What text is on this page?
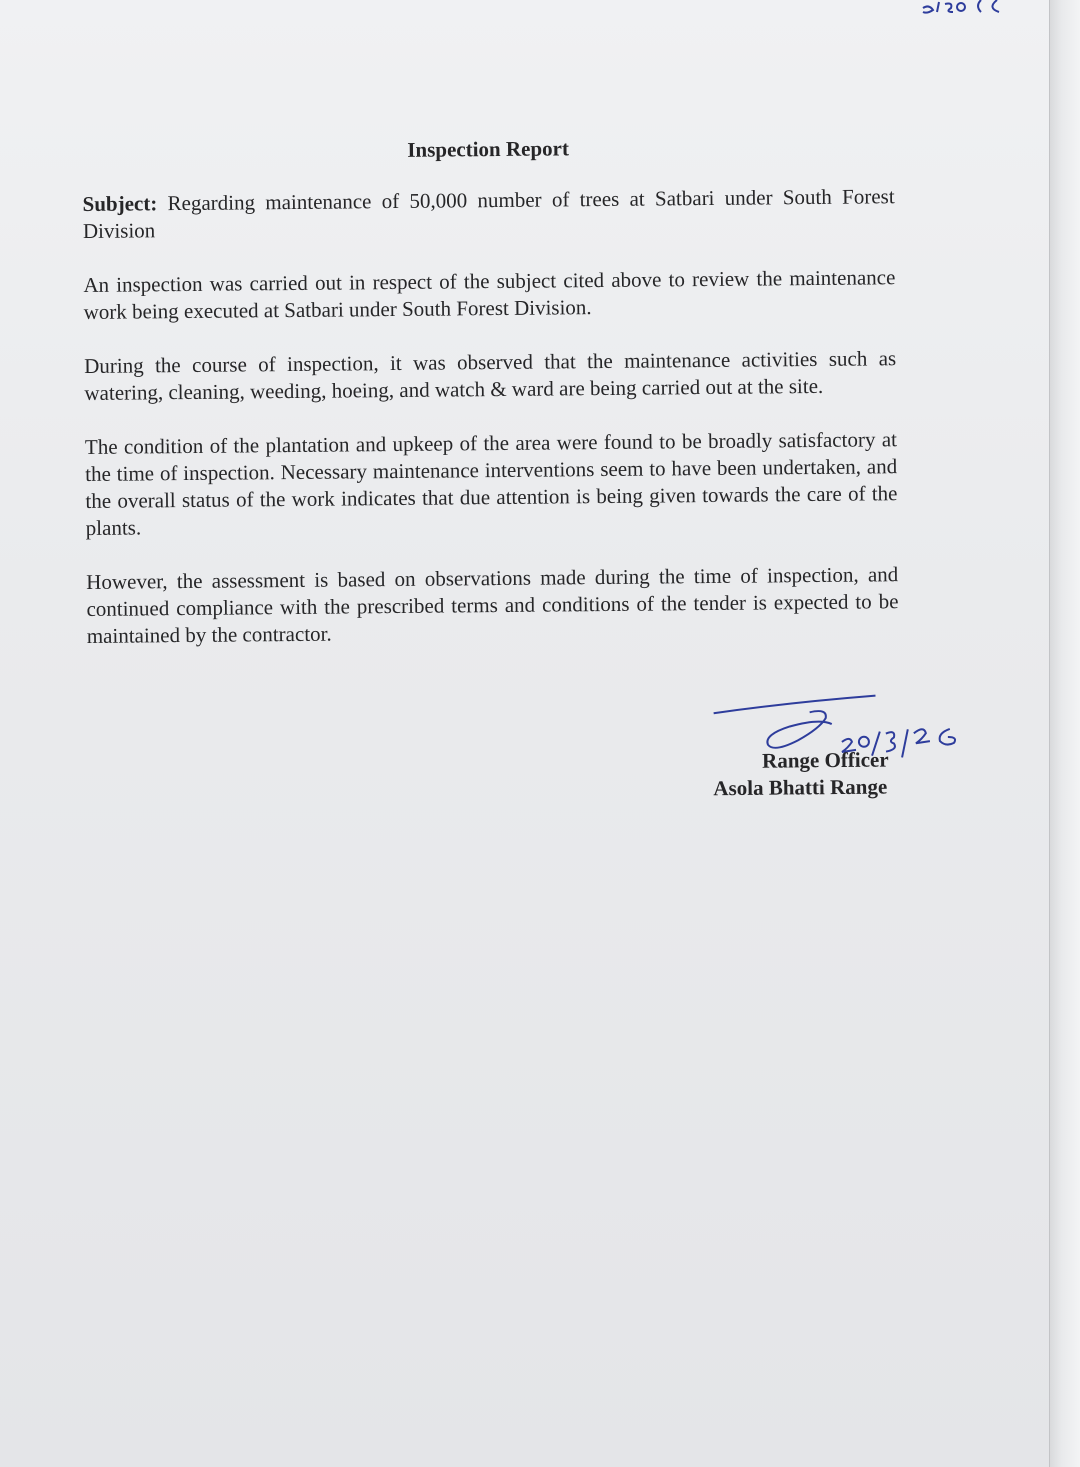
Inspection Report
Subject: Regarding maintenance of 50,000 number of trees at Satbari under South Forest Division
An inspection was carried out in respect of the subject cited above to review the maintenance work being executed at Satbari under South Forest Division.
During the course of inspection, it was observed that the maintenance activities such as watering, cleaning, weeding, hoeing, and watch & ward are being carried out at the site.
The condition of the plantation and upkeep of the area were found to be broadly satisfactory at the time of inspection. Necessary maintenance interventions seem to have been undertaken, and the overall status of the work indicates that due attention is being given towards the care of the plants.
However, the assessment is based on observations made during the time of inspection, and continued compliance with the prescribed terms and conditions of the tender is expected to be maintained by the contractor.
Range Officer
Asola Bhatti Range
